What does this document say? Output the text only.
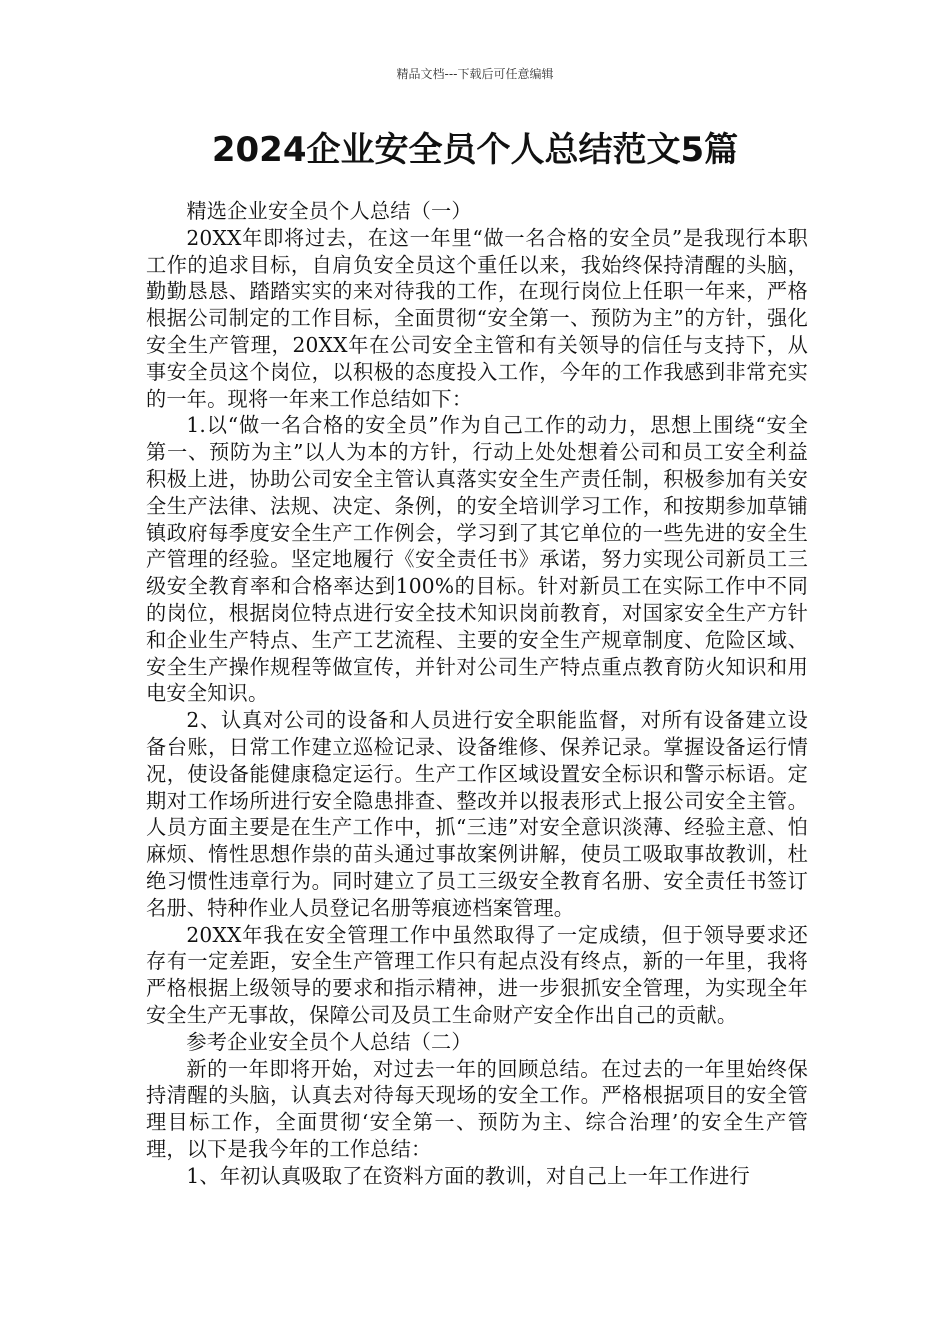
精品文档---下载后可任意编辑
2024企业安全员个人总结范文5篇

精选企业安全员个人总结（一）

20XX年即将过去，在这一年里“做一名合格的安全员”是我现行本职工作的追求目标，自肩负安全员这个重任以来，我始终保持清醒的头脑，勤勤恳恳、踏踏实实的来对待我的工作，在现行岗位上任职一年来，严格根据公司制定的工作目标，全面贯彻“安全第一、预防为主”的方针，强化安全生产管理，20XX年在公司安全主管和有关领导的信任与支持下，从事安全员这个岗位，以积极的态度投入工作，今年的工作我感到非常充实的一年。现将一年来工作总结如下：

1.以“做一名合格的安全员”作为自己工作的动力，思想上围绕“安全第一、预防为主”以人为本的方针，行动上处处想着公司和员工安全利益积极上进，协助公司安全主管认真落实安全生产责任制，积极参加有关安全生产法律、法规、决定、条例，的安全培训学习工作，和按期参加草铺镇政府每季度安全生产工作例会，学习到了其它单位的一些先进的安全生产管理的经验。坚定地履行《安全责任书》承诺，努力实现公司新员工三级安全教育率和合格率达到100%的目标。针对新员工在实际工作中不同的岗位，根据岗位特点进行安全技术知识岗前教育，对国家安全生产方针和企业生产特点、生产工艺流程、主要的安全生产规章制度、危险区域、安全生产操作规程等做宣传，并针对公司生产特点重点教育防火知识和用电安全知识。

2、认真对公司的设备和人员进行安全职能监督，对所有设备建立设备台账，日常工作建立巡检记录、设备维修、保养记录。掌握设备运行情况，使设备能健康稳定运行。生产工作区域设置安全标识和警示标语。定期对工作场所进行安全隐患排查、整改并以报表形式上报公司安全主管。人员方面主要是在生产工作中，抓“三违”对安全意识淡薄、经验主意、怕麻烦、惰性思想作祟的苗头通过事故案例讲解，使员工吸取事故教训，杜绝习惯性违章行为。同时建立了员工三级安全教育名册、安全责任书签订名册、特种作业人员登记名册等痕迹档案管理。

20XX年我在安全管理工作中虽然取得了一定成绩，但于领导要求还存有一定差距，安全生产管理工作只有起点没有终点，新的一年里，我将严格根据上级领导的要求和指示精神，进一步狠抓安全管理，为实现全年安全生产无事故，保障公司及员工生命财产安全作出自己的贡献。

参考企业安全员个人总结（二）

新的一年即将开始，对过去一年的回顾总结。在过去的一年里始终保持清醒的头脑，认真去对待每天现场的安全工作。严格根据项目的安全管理目标工作，全面贯彻‘安全第一、预防为主、综合治理’的安全生产管理，以下是我今年的工作总结：

1、年初认真吸取了在资料方面的教训，对自己上一年工作进行
